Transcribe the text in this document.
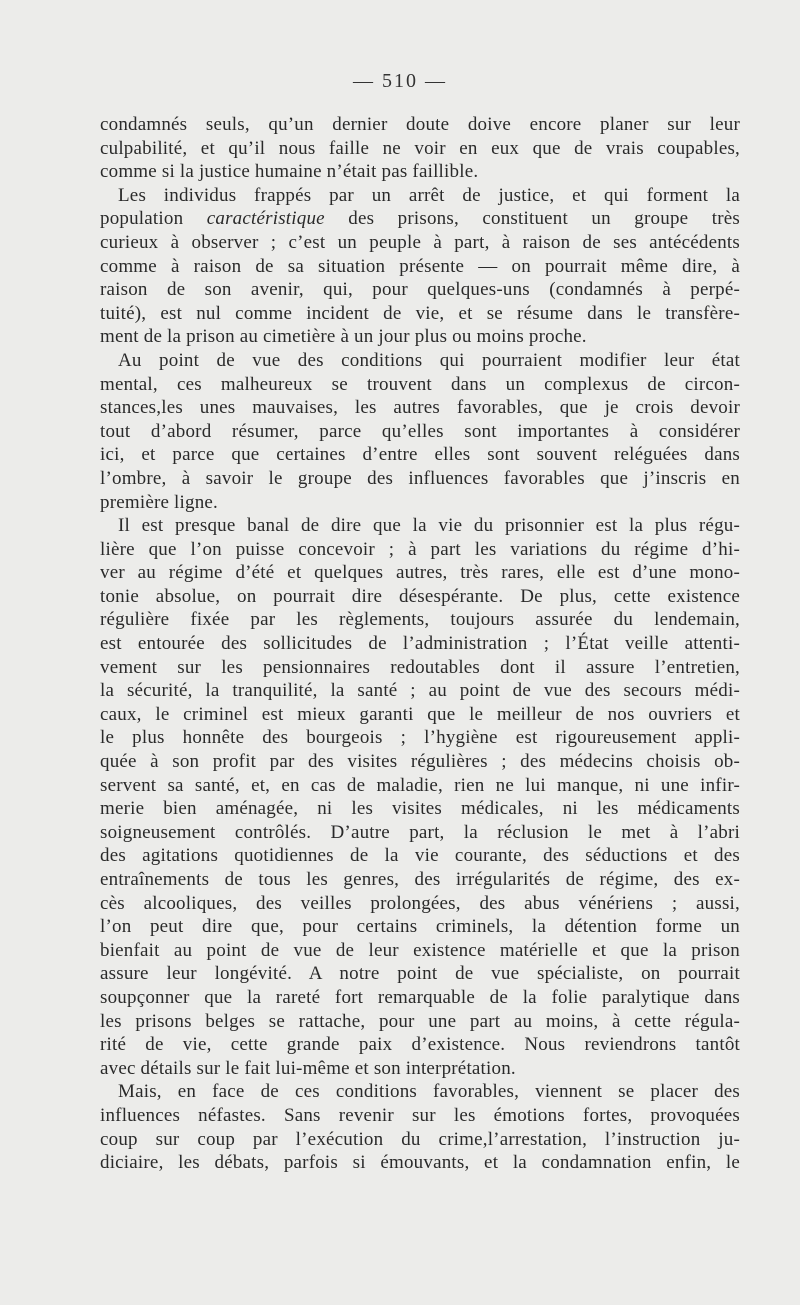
— 510 —
condamnés seuls, qu’un dernier doute doive encore planer sur leur
culpabilité, et qu’il nous faille ne voir en eux que de vrais coupables,
comme si la justice humaine n’était pas faillible.
Les individus frappés par un arrêt de justice, et qui forment la
population caractéristique des prisons, constituent un groupe très
curieux à observer ; c’est un peuple à part, à raison de ses antécédents
comme à raison de sa situation présente — on pourrait même dire, à
raison de son avenir, qui, pour quelques-uns (condamnés à perpé-
tuité), est nul comme incident de vie, et se résume dans le transfère-
ment de la prison au cimetière à un jour plus ou moins proche.
Au point de vue des conditions qui pourraient modifier leur état
mental, ces malheureux se trouvent dans un complexus de circon-
stances,les unes mauvaises, les autres favorables, que je crois devoir
tout d’abord résumer, parce qu’elles sont importantes à considérer
ici, et parce que certaines d’entre elles sont souvent reléguées dans
l’ombre, à savoir le groupe des influences favorables que j’inscris en
première ligne.
Il est presque banal de dire que la vie du prisonnier est la plus régu-
lière que l’on puisse concevoir ; à part les variations du régime d’hi-
ver au régime d’été et quelques autres, très rares, elle est d’une mono-
tonie absolue, on pourrait dire désespérante. De plus, cette existence
régulière fixée par les règlements, toujours assurée du lendemain,
est entourée des sollicitudes de l’administration ; l’État veille attenti-
vement sur les pensionnaires redoutables dont il assure l’entretien,
la sécurité, la tranquilité, la santé ; au point de vue des secours médi-
caux, le criminel est mieux garanti que le meilleur de nos ouvriers et
le plus honnête des bourgeois ; l’hygiène est rigoureusement appli-
quée à son profit par des visites régulières ; des médecins choisis ob-
servent sa santé, et, en cas de maladie, rien ne lui manque, ni une infir-
merie bien aménagée, ni les visites médicales, ni les médicaments
soigneusement contrôlés. D’autre part, la réclusion le met à l’abri
des agitations quotidiennes de la vie courante, des séductions et des
entraînements de tous les genres, des irrégularités de régime, des ex-
cès alcooliques, des veilles prolongées, des abus vénériens ; aussi,
l’on peut dire que, pour certains criminels, la détention forme un
bienfait au point de vue de leur existence matérielle et que la prison
assure leur longévité. A notre point de vue spécialiste, on pourrait
soupçonner que la rareté fort remarquable de la folie paralytique dans
les prisons belges se rattache, pour une part au moins, à cette régula-
rité de vie, cette grande paix d’existence. Nous reviendrons tantôt
avec détails sur le fait lui-même et son interprétation.
Mais, en face de ces conditions favorables, viennent se placer des
influences néfastes. Sans revenir sur les émotions fortes, provoquées
coup sur coup par l’exécution du crime,l’arrestation, l’instruction ju-
diciaire, les débats, parfois si émouvants, et la condamnation enfin, le
